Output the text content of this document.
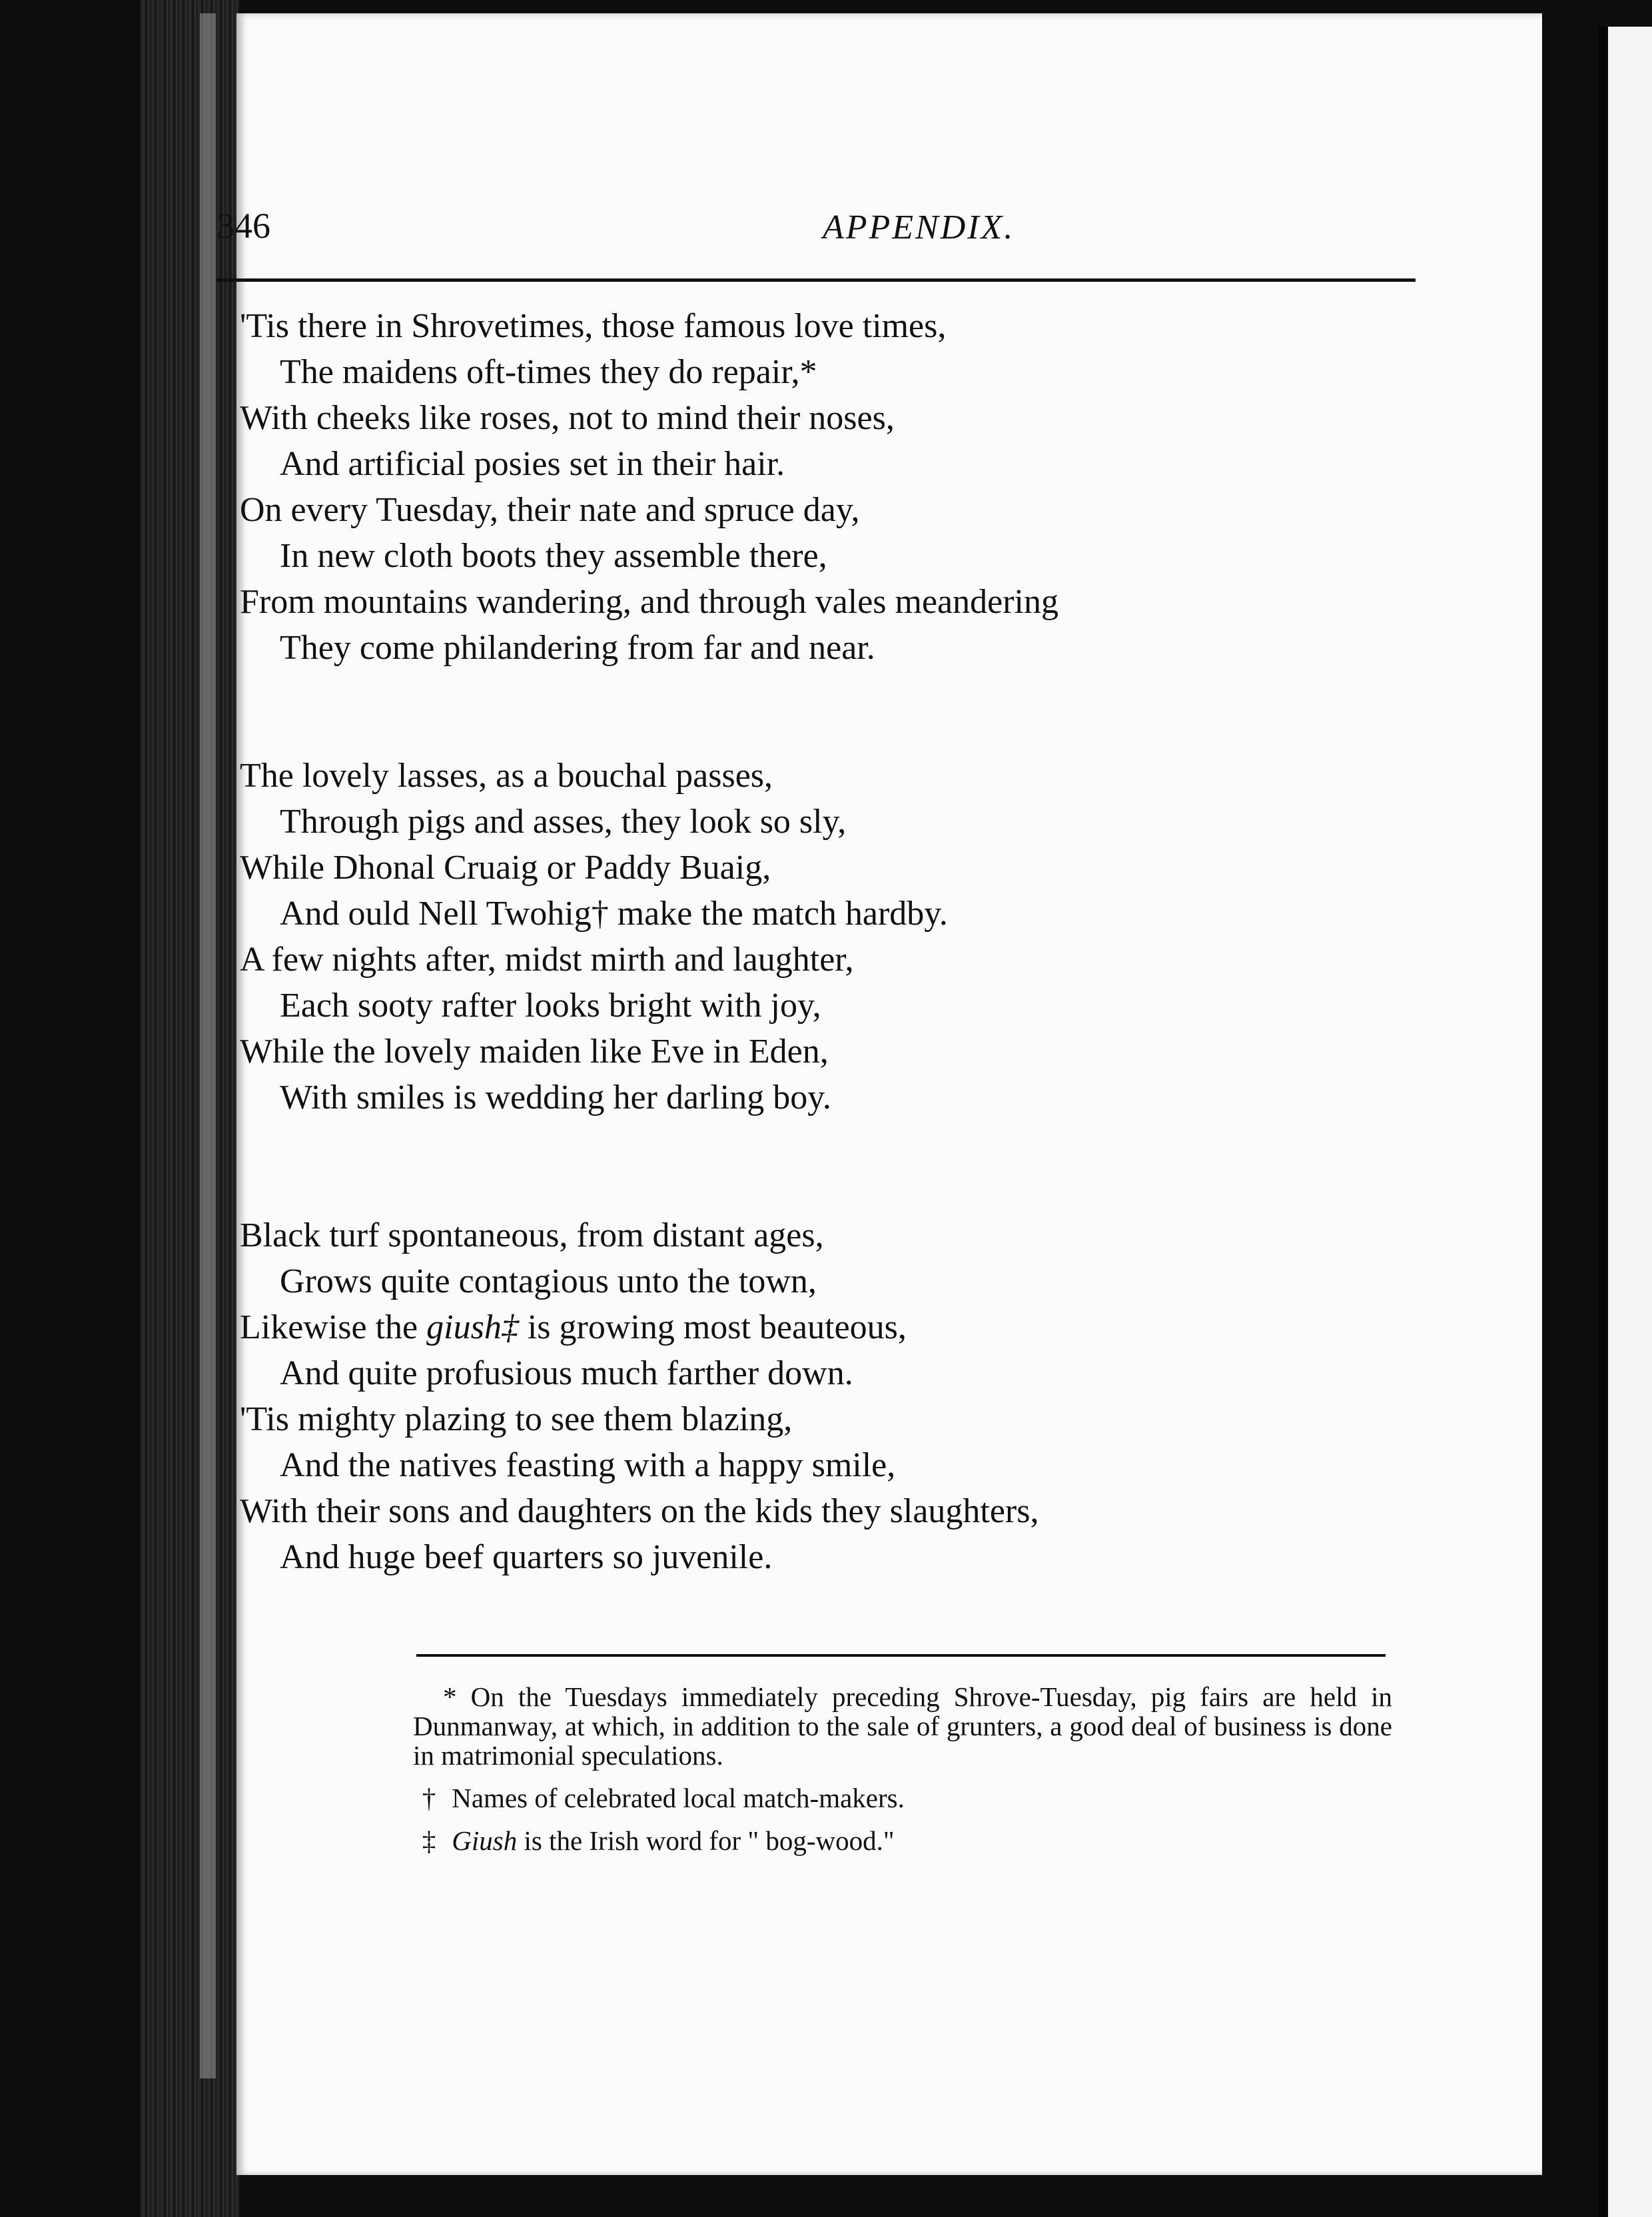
346	APPENDIX.
'Tis there in Shrovetimes, those famous love times,
The maidens oft-times they do repair,*
With cheeks like roses, not to mind their noses,
And artificial posies set in their hair.
On every Tuesday, their nate and spruce day,
In new cloth boots they assemble there,
From mountains wandering, and through vales meandering
They come philandering from far and near.
The lovely lasses, as a bouchal passes,
Through pigs and asses, they look so sly,
While Dhonal Cruaig or Paddy Buaig,
And ould Nell Twohig† make the match hardby.
A few nights after, midst mirth and laughter,
Each sooty rafter looks bright with joy,
While the lovely maiden like Eve in Eden,
With smiles is wedding her darling boy.
Black turf spontaneous, from distant ages,
Grows quite contagious unto the town,
Likewise the giush‡ is growing most beauteous,
And quite profusious much farther down.
'Tis mighty plazing to see them blazing,
And the natives feasting with a happy smile,
With their sons and daughters on the kids they slaughters,
And huge beef quarters so juvenile.
* On the Tuesdays immediately preceding Shrove-Tuesday, pig fairs are held in Dunmanway, at which, in addition to the sale of grunters, a good deal of business is done in matrimonial speculations.
† Names of celebrated local match-makers.
‡ Giush is the Irish word for " bog-wood."
